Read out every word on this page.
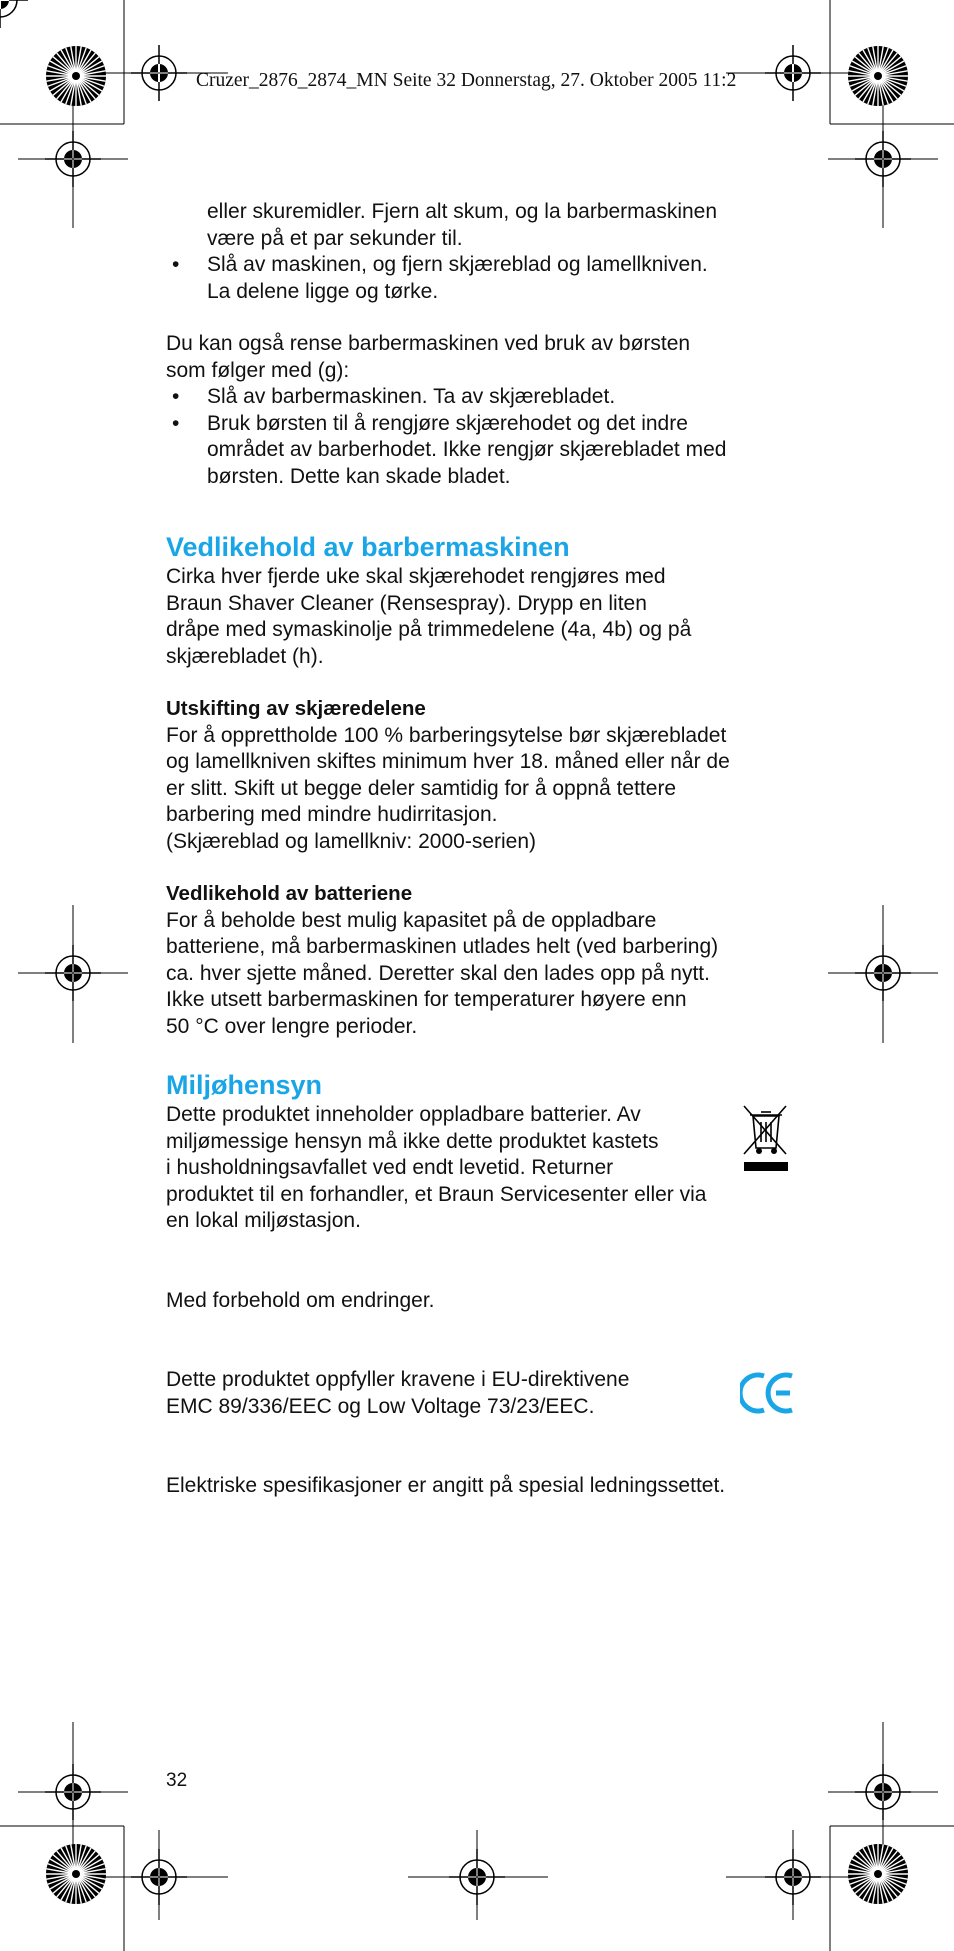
Cruzer_2876_2874_MN Seite 32 Donnerstag, 27. Oktober 2005 11:2

eller skuremidler. Fjern alt skum, og la barbermaskinen
være på et par sekunder til.

• Slå av maskinen, og fjern skjæreblad og lamellkniven.
La delene ligge og tørke.

Du kan også rense barbermaskinen ved bruk av børsten
som følger med (g):

• Slå av barbermaskinen. Ta av skjærebladet.

• Bruk børsten til å rengjøre skjærehodet og det indre
området av barberhodet. Ikke rengjør skjærebladet med
børsten. Dette kan skade bladet.

Vedlikehold av barbermaskinen

Cirka hver fjerde uke skal skjærehodet rengjøres med
Braun Shaver Cleaner (Rensespray). Drypp en liten
dråpe med symaskinolje på trimmedelene (4a, 4b) og på
skjærebladet (h).

Utskifting av skjæredelene

For å opprettholde 100 % barberingsytelse bør skjærebladet
og lamellkniven skiftes minimum hver 18. måned eller når de
er slitt. Skift ut begge deler samtidig for å oppnå tettere
barbering med mindre hudirritasjon.
(Skjæreblad og lamellkniv: 2000-serien)

Vedlikehold av batteriene

For å beholde best mulig kapasitet på de oppladbare
batteriene, må barbermaskinen utlades helt (ved barbering)
ca. hver sjette måned. Deretter skal den lades opp på nytt.
Ikke utsett barbermaskinen for temperaturer høyere enn
50 °C over lengre perioder.

Miljøhensyn

Dette produktet inneholder oppladbare batterier. Av
miljømessige hensyn må ikke dette produktet kastets
i husholdningsavfallet ved endt levetid. Returner
produktet til en forhandler, et Braun Servicesenter eller via
en lokal miljøstasjon.

Med forbehold om endringer.

Dette produktet oppfyller kravene i EU-direktivene
EMC 89/336/EEC og Low Voltage 73/23/EEC.

Elektriske spesifikasjoner er angitt på spesial ledningssettet.

32
